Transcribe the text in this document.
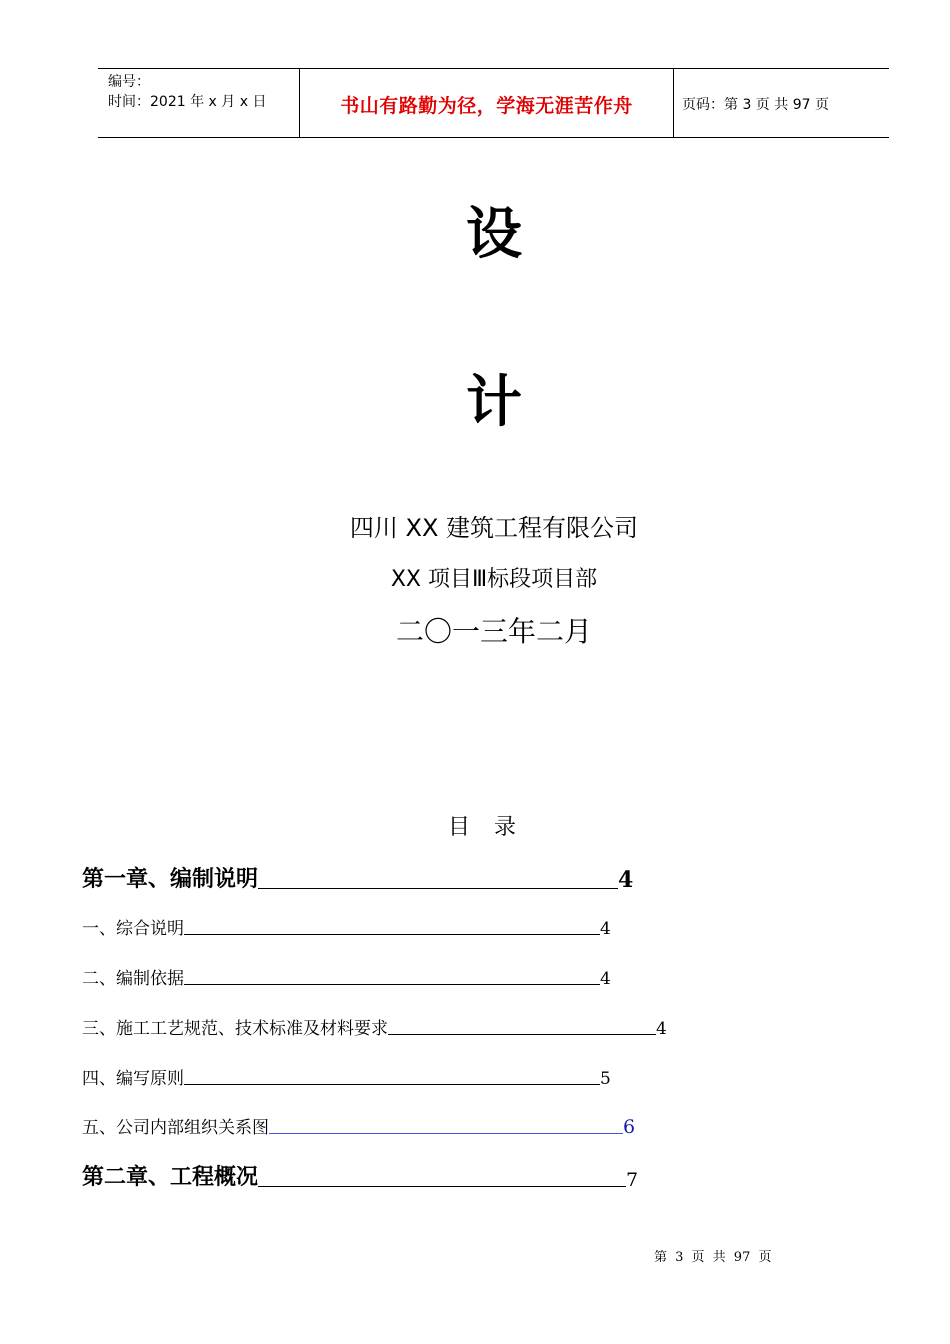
编号：
时间：2021 年 x 月 x 日	书山有路勤为径，学海无涯苦作舟	页码：第 3 页 共 97 页
设
计
四川 XX 建筑工程有限公司
XX 项目Ⅲ标段项目部
二〇一三年二月
目录
第一章、编制说明	4
一、综合说明	4
二、编制依据	4
三、施工工艺规范、技术标准及材料要求	4
四、编写原则	5
五、公司内部组织关系图	6
第二章、工程概况	7
第 3 页 共 97 页
